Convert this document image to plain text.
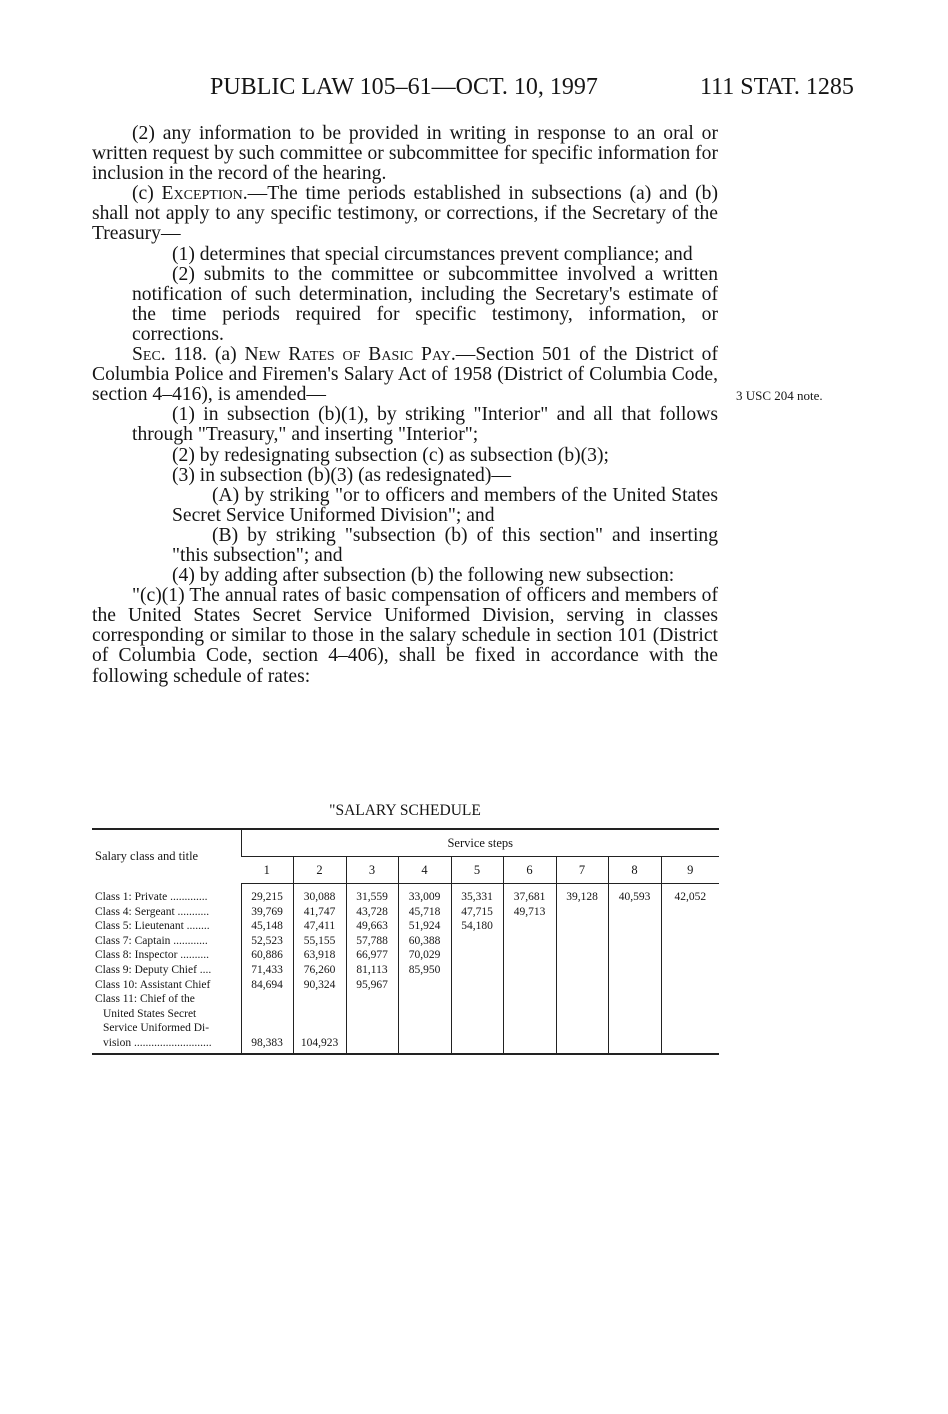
PUBLIC LAW 105–61—OCT. 10, 1997	111 STAT. 1285

(2) any information to be provided in writing in response to an oral or written request by such committee or subcommittee for specific information for inclusion in the record of the hearing.

(c) Exception.—The time periods established in subsections (a) and (b) shall not apply to any specific testimony, or corrections, if the Secretary of the Treasury—

(1) determines that special circumstances prevent compliance; and

(2) submits to the committee or subcommittee involved a written notification of such determination, including the Secretary's estimate of the time periods required for specific testimony, information, or corrections.

Sec. 118. (a) New Rates of Basic Pay.—Section 501 of the District of Columbia Police and Firemen's Salary Act of 1958 (District of Columbia Code, section 4–416), is amended—

(1) in subsection (b)(1), by striking "Interior" and all that follows through "Treasury," and inserting "Interior";

(2) by redesignating subsection (c) as subsection (b)(3);

(3) in subsection (b)(3) (as redesignated)—

(A) by striking "or to officers and members of the United States Secret Service Uniformed Division"; and

(B) by striking "subsection (b) of this section" and inserting "this subsection"; and

(4) by adding after subsection (b) the following new subsection:

"(c)(1) The annual rates of basic compensation of officers and members of the United States Secret Service Uniformed Division, serving in classes corresponding or similar to those in the salary schedule in section 101 (District of Columbia Code, section 4–406), shall be fixed in accordance with the following schedule of rates:

3 USC 204 note.
"SALARY SCHEDULE
Salary class and title	Service steps								
	1	2	3	4	5	6	7	8	9
Class 1: Private .............	29,215	30,088	31,559	33,009	35,331	37,681	39,128	40,593	42,052
Class 4: Sergeant ...........	39,769	41,747	43,728	45,718	47,715	49,713			
Class 5: Lieutenant ........	45,148	47,411	49,663	51,924	54,180				
Class 7: Captain ............	52,523	55,155	57,788	60,388					
Class 8: Inspector ..........	60,886	63,918	66,977	70,029					
Class 9: Deputy Chief ....	71,433	76,260	81,113	85,950					
Class 10: Assistant Chief	84,694	90,324	95,967						

Class 11: Chief of the
United States Secret
Service Uniformed Di-
vision ...........................	98,383	104,923							
